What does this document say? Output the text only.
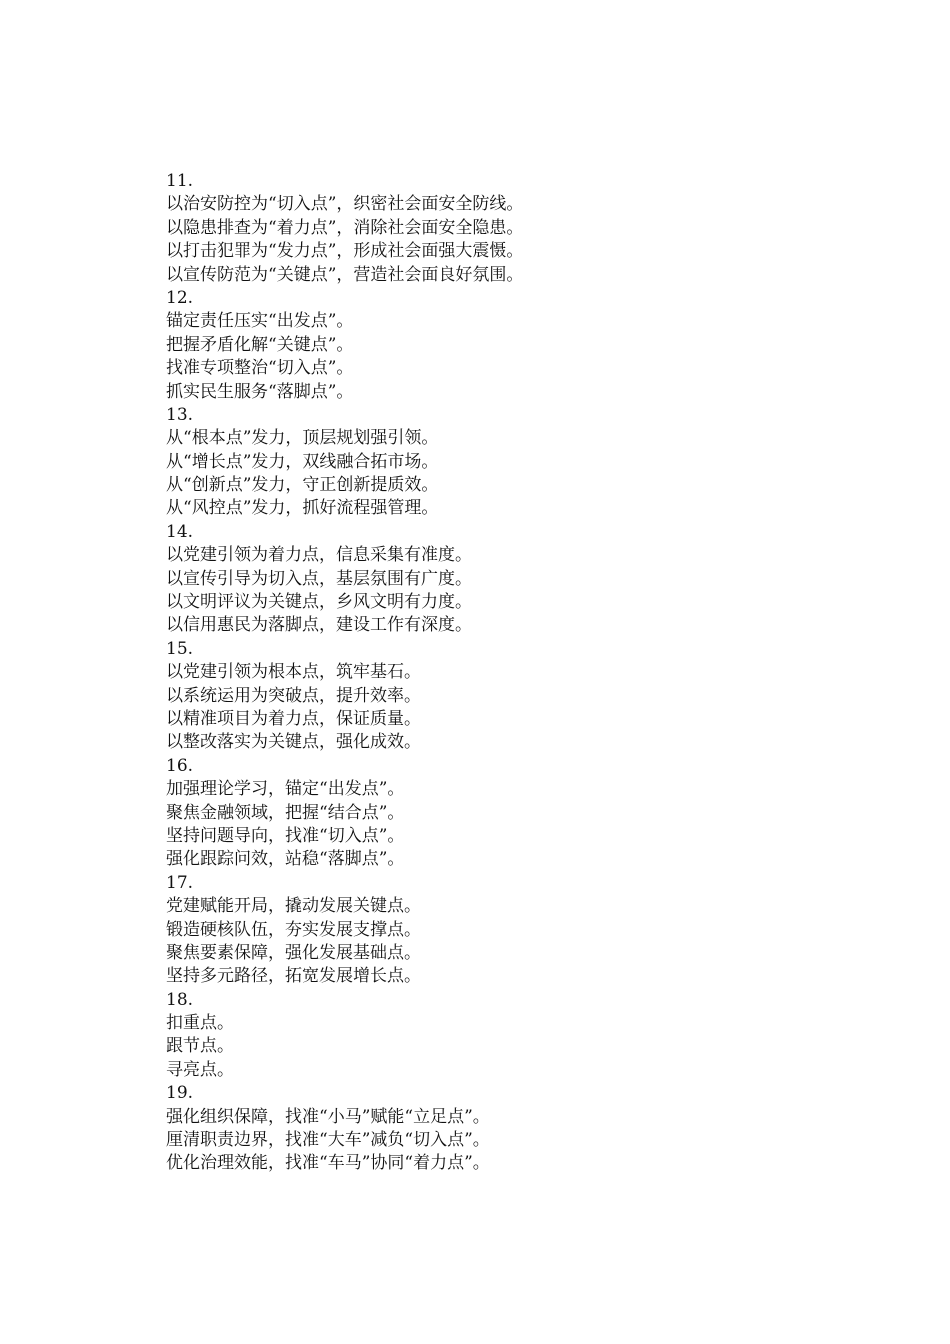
11.
以治安防控为“切入点”，织密社会面安全防线。
以隐患排查为“着力点”，消除社会面安全隐患。
以打击犯罪为“发力点”，形成社会面强大震慑。
以宣传防范为“关键点”，营造社会面良好氛围。
12.
锚定责任压实“出发点”。
把握矛盾化解“关键点”。
找准专项整治“切入点”。
抓实民生服务“落脚点”。
13.
从“根本点”发力，顶层规划强引领。
从“增长点”发力，双线融合拓市场。
从“创新点”发力，守正创新提质效。
从“风控点”发力，抓好流程强管理。
14.
以党建引领为着力点，信息采集有准度。
以宣传引导为切入点，基层氛围有广度。
以文明评议为关键点，乡风文明有力度。
以信用惠民为落脚点，建设工作有深度。
15.
以党建引领为根本点，筑牢基石。
以系统运用为突破点，提升效率。
以精准项目为着力点，保证质量。
以整改落实为关键点，强化成效。
16.
加强理论学习，锚定“出发点”。
聚焦金融领域，把握“结合点”。
坚持问题导向，找准“切入点”。
强化跟踪问效，站稳“落脚点”。
17.
党建赋能开局，撬动发展关键点。
锻造硬核队伍，夯实发展支撑点。
聚焦要素保障，强化发展基础点。
坚持多元路径，拓宽发展增长点。
18.
扣重点。
跟节点。
寻亮点。
19.
强化组织保障，找准“小马”赋能“立足点”。
厘清职责边界，找准“大车”减负“切入点”。
优化治理效能，找准“车马”协同“着力点”。
